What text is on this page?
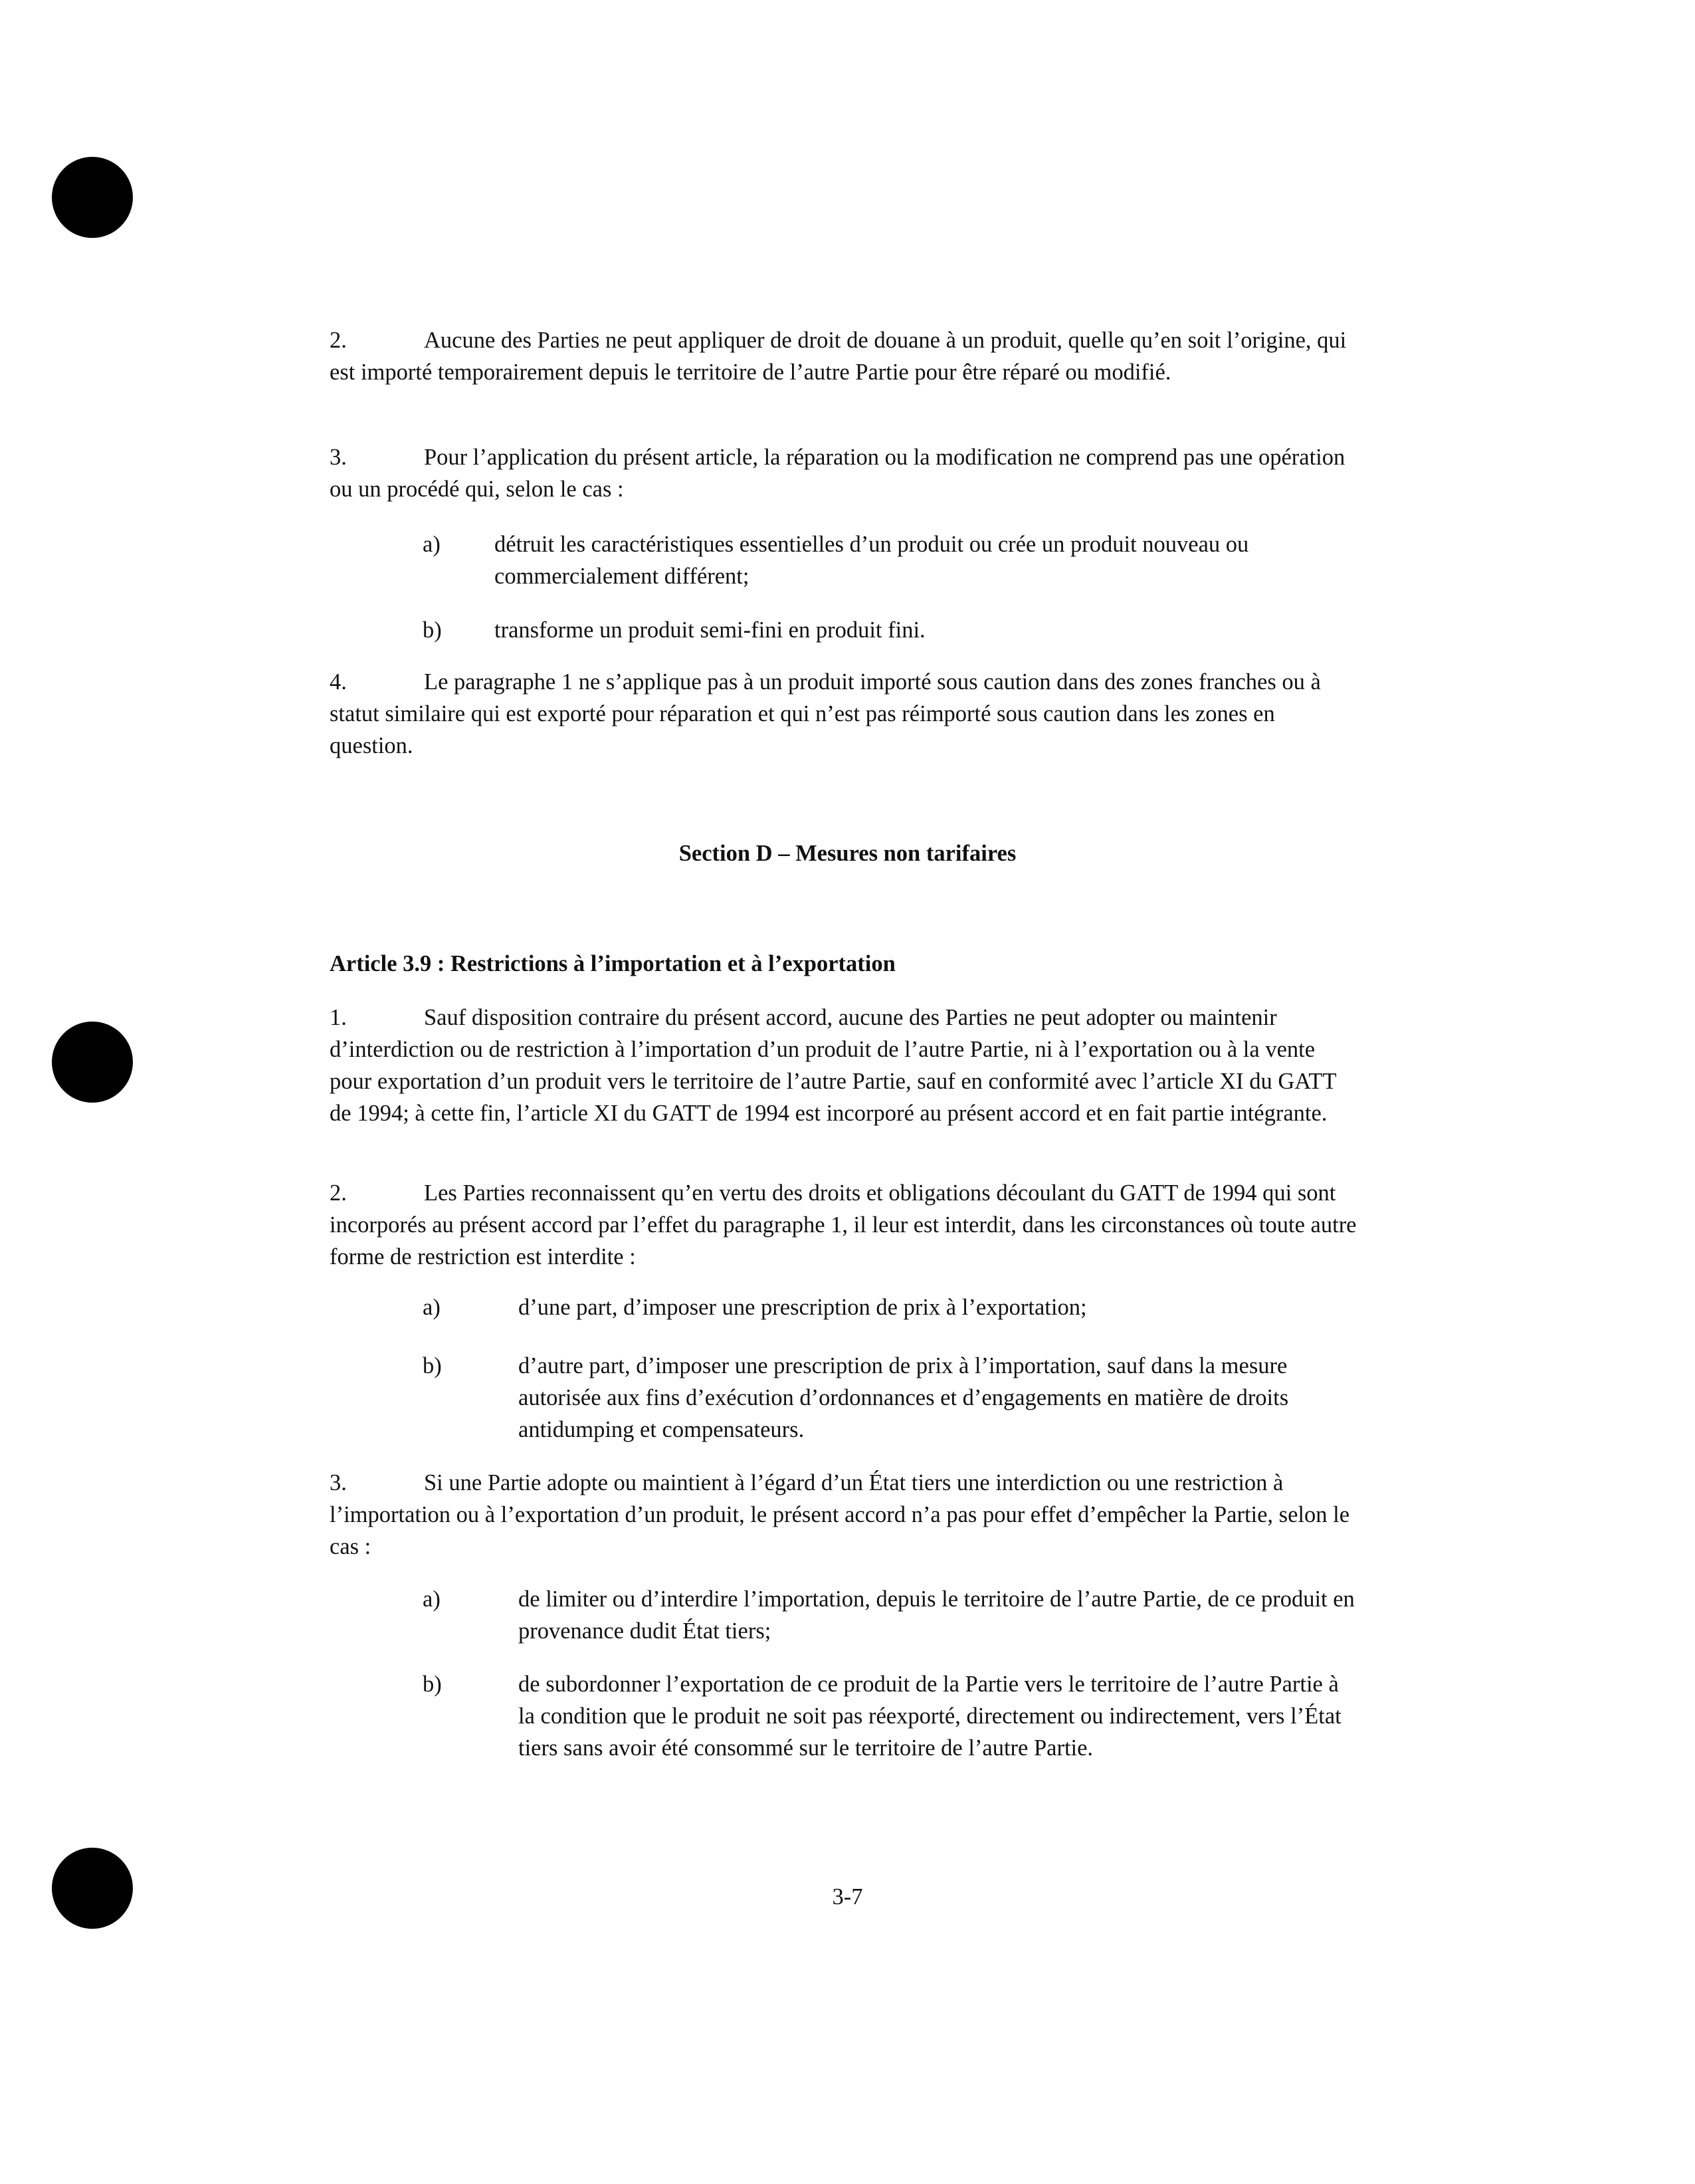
2.	Aucune des Parties ne peut appliquer de droit de douane à un produit, quelle qu’en soit l’origine, qui est importé temporairement depuis le territoire de l’autre Partie pour être réparé ou modifié.

3.	Pour l’application du présent article, la réparation ou la modification ne comprend pas une opération ou un procédé qui, selon le cas :

a) détruit les caractéristiques essentielles d’un produit ou crée un produit nouveau ou commercialement différent;
b) transforme un produit semi-fini en produit fini.

4.	Le paragraphe 1 ne s’applique pas à un produit importé sous caution dans des zones franches ou à statut similaire qui est exporté pour réparation et qui n’est pas réimporté sous caution dans les zones en question.

Section D – Mesures non tarifaires
Article 3.9 : Restrictions à l’importation et à l’exportation

1.	Sauf disposition contraire du présent accord, aucune des Parties ne peut adopter ou maintenir d’interdiction ou de restriction à l’importation d’un produit de l’autre Partie, ni à l’exportation ou à la vente pour exportation d’un produit vers le territoire de l’autre Partie, sauf en conformité avec l’article XI du GATT de 1994; à cette fin, l’article XI du GATT de 1994 est incorporé au présent accord et en fait partie intégrante.

2.	Les Parties reconnaissent qu’en vertu des droits et obligations découlant du GATT de 1994 qui sont incorporés au présent accord par l’effet du paragraphe 1, il leur est interdit, dans les circonstances où toute autre forme de restriction est interdite :

a)	d’une part, d’imposer une prescription de prix à l’exportation;
b)	d’autre part, d’imposer une prescription de prix à l’importation, sauf dans la mesure autorisée aux fins d’exécution d’ordonnances et d’engagements en matière de droits antidumping et compensateurs.

3.	Si une Partie adopte ou maintient à l’égard d’un État tiers une interdiction ou une restriction à l’importation ou à l’exportation d’un produit, le présent accord n’a pas pour effet d’empêcher la Partie, selon le cas :

a)	de limiter ou d’interdire l’importation, depuis le territoire de l’autre Partie, de ce produit en provenance dudit État tiers;
b)	de subordonner l’exportation de ce produit de la Partie vers le territoire de l’autre Partie à la condition que le produit ne soit pas réexporté, directement ou indirectement, vers l’État tiers sans avoir été consommé sur le territoire de l’autre Partie.
3-7
